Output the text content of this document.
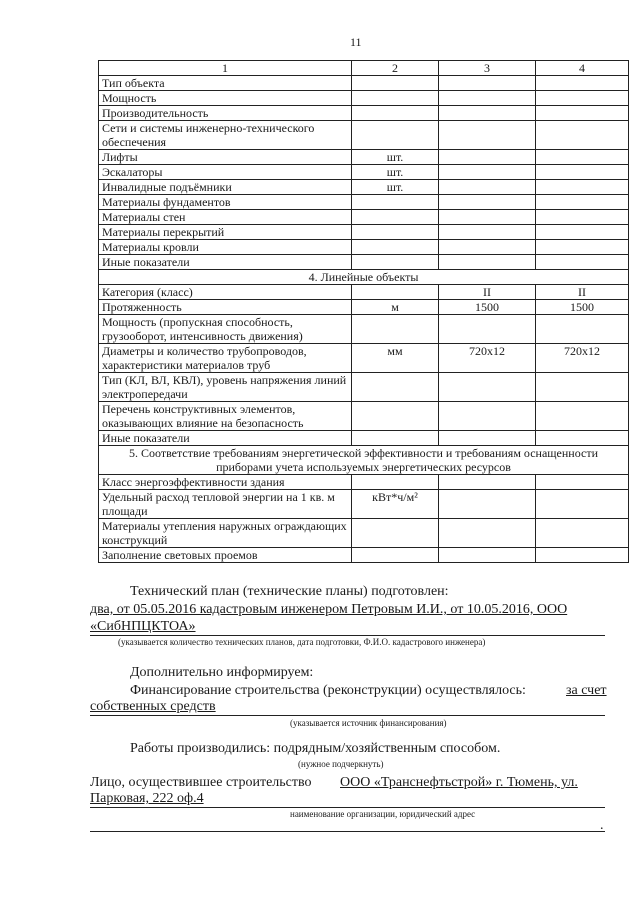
11
1	2	3	4
Тип объекта			
Мощность			
Производительность			
Сети и системы инженерно-технического обеспечения			
Лифты	шт.		
Эскалаторы	шт.		
Инвалидные подъёмники	шт.		
Материалы фундаментов			
Материалы стен			
Материалы перекрытий			
Материалы кровли			
Иные показатели			
4. Линейные объекты			
Категория (класс)		II	II
Протяженность	м	1500	1500
Мощность (пропускная способность, грузооборот, интенсивность движения)			
Диаметры и количество трубопроводов, характеристики материалов труб	мм	720x12	720x12
Тип (КЛ, ВЛ, КВЛ), уровень напряжения линий электропередачи			
Перечень конструктивных элементов, оказывающих влияние на безопасность			
Иные показатели			
5. Соответствие требованиям энергетической эффективности и требованиям оснащенности приборами учета используемых энергетических ресурсов			
Класс энергоэффективности здания			
Удельный расход тепловой энергии на 1 кв. м площади	кВт*ч/м²		
Материалы утепления наружных ограждающих конструкций			
Заполнение световых проемов			
Технический план (технические планы) подготовлен:
два, от 05.05.2016 кадастровым инженером Петровым И.И., от 10.05.2016, ООО
«СибНПЦКТОА»
(указывается количество технических планов, дата подготовки, Ф.И.О. кадастрового инженера)
Дополнительно информируем:
Финансирование строительства (реконструкции) осуществлялось:	за счет
собственных средств
(указывается источник финансирования)
Работы производились: подрядным/хозяйственным способом.
(нужное подчеркнуть)
Лицо, осуществившее строительство ООО «Транснефтьстрой» г. Тюмень, ул.
Парковая, 222 оф.4
наименование организации, юридический адрес
.
